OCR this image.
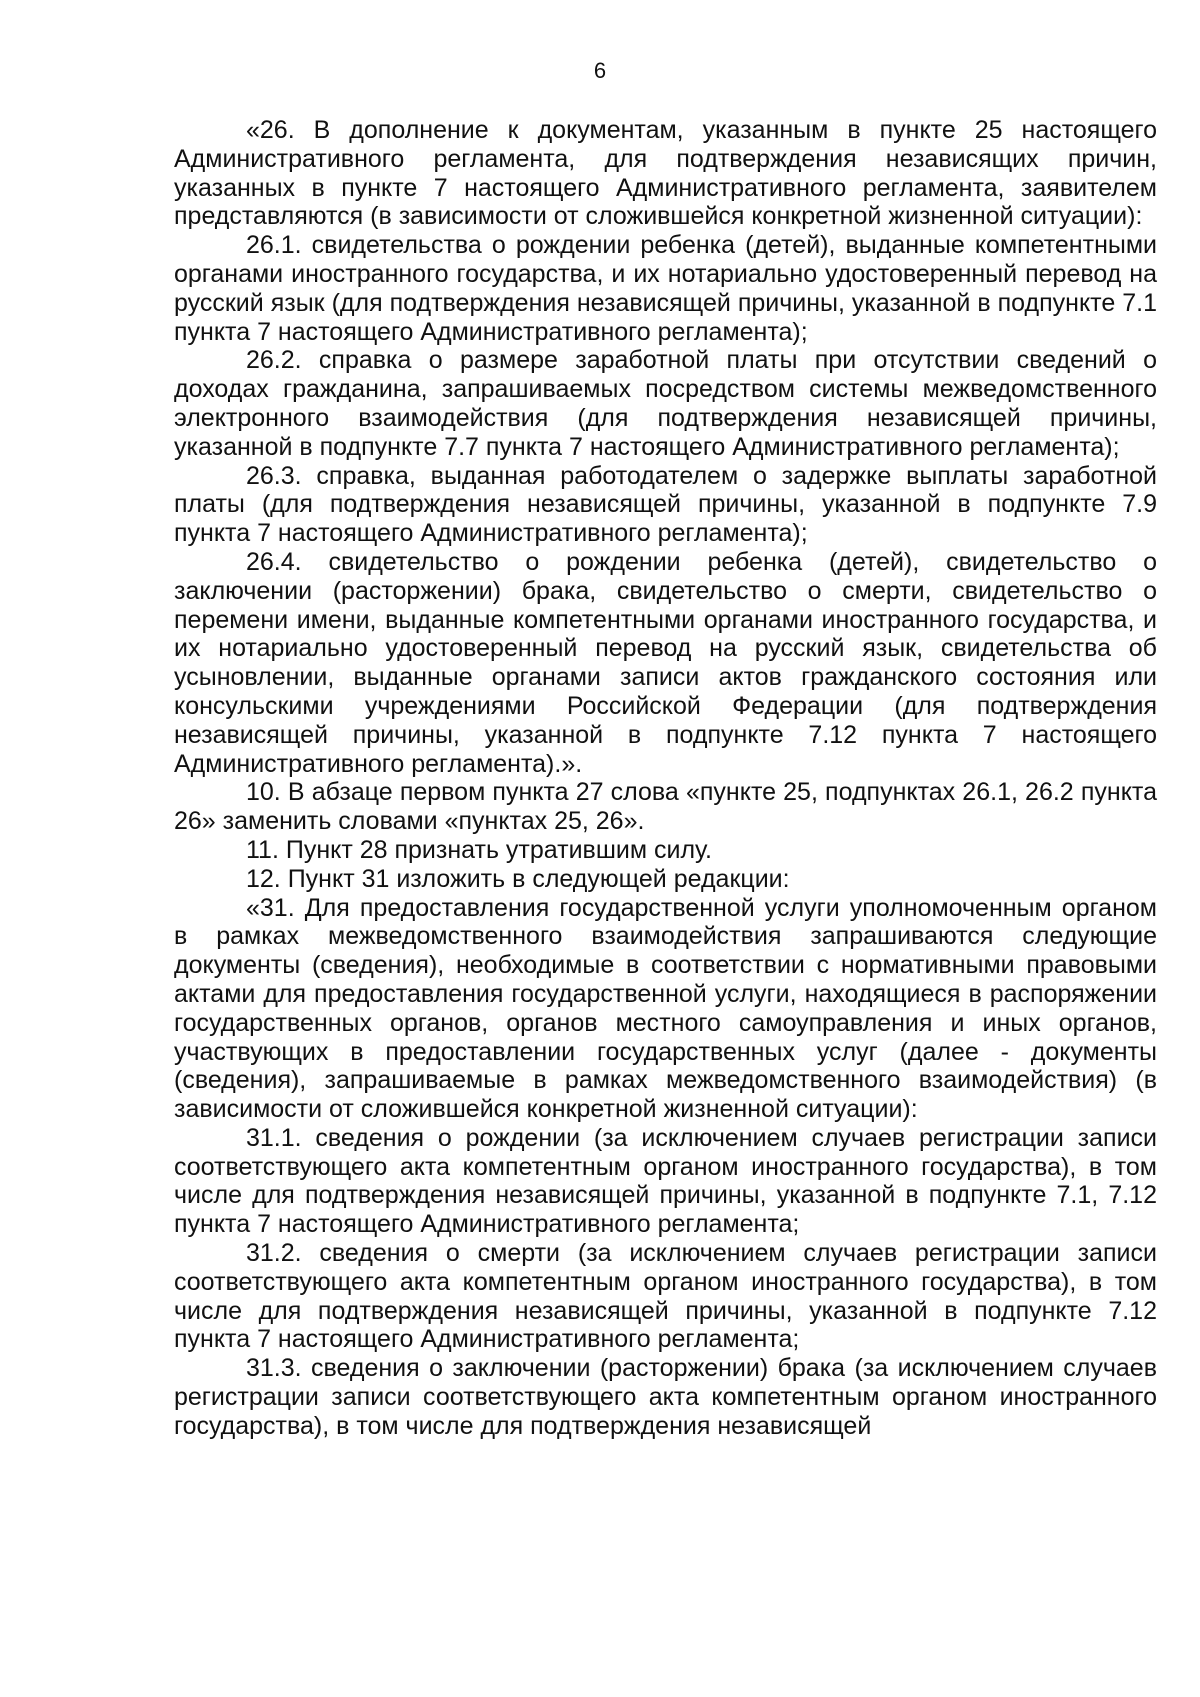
6

«26. В дополнение к документам, указанным в пункте 25 настоящего Административного регламента, для подтверждения независящих причин, указанных в пункте 7 настоящего Административного регламента, заявителем представляются (в зависимости от сложившейся конкретной жизненной ситуации):

26.1. свидетельства о рождении ребенка (детей), выданные компетентными органами иностранного государства, и их нотариально удостоверенный перевод на русский язык (для подтверждения независящей причины, указанной в подпункте 7.1 пункта 7 настоящего Административного регламента);

26.2. справка о размере заработной платы при отсутствии сведений о доходах гражданина, запрашиваемых посредством системы межведомственного электронного взаимодействия (для подтверждения независящей причины, указанной в подпункте 7.7 пункта 7 настоящего Административного регламента);

26.3. справка, выданная работодателем о задержке выплаты заработной платы (для подтверждения независящей причины, указанной в подпункте 7.9 пункта 7 настоящего Административного регламента);

26.4. свидетельство о рождении ребенка (детей), свидетельство о заключении (расторжении) брака, свидетельство о смерти, свидетельство о перемени имени, выданные компетентными органами иностранного государства, и их нотариально удостоверенный перевод на русский язык, свидетельства об усыновлении, выданные органами записи актов гражданского состояния или консульскими учреждениями Российской Федерации (для подтверждения независящей причины, указанной в подпункте 7.12 пункта 7 настоящего Административного регламента).».

10. В абзаце первом пункта 27 слова «пункте 25, подпунктах 26.1, 26.2 пункта 26» заменить словами «пунктах 25, 26».

11. Пункт 28 признать утратившим силу.

12. Пункт 31 изложить в следующей редакции:

«31. Для предоставления государственной услуги уполномоченным органом в рамках межведомственного взаимодействия запрашиваются следующие документы (сведения), необходимые в соответствии с нормативными правовыми актами для предоставления государственной услуги, находящиеся в распоряжении государственных органов, органов местного самоуправления и иных органов, участвующих в предоставлении государственных услуг (далее - документы (сведения), запрашиваемые в рамках межведомственного взаимодействия) (в зависимости от сложившейся конкретной жизненной ситуации):

31.1. сведения о рождении (за исключением случаев регистрации записи соответствующего акта компетентным органом иностранного государства), в том числе для подтверждения независящей причины, указанной в подпункте 7.1, 7.12 пункта 7 настоящего Административного регламента;

31.2. сведения о смерти (за исключением случаев регистрации записи соответствующего акта компетентным органом иностранного государства), в том числе для подтверждения независящей причины, указанной в подпункте 7.12 пункта 7 настоящего Административного регламента;

31.3. сведения о заключении (расторжении) брака (за исключением случаев регистрации записи соответствующего акта компетентным органом иностранного государства), в том числе для подтверждения независящей
